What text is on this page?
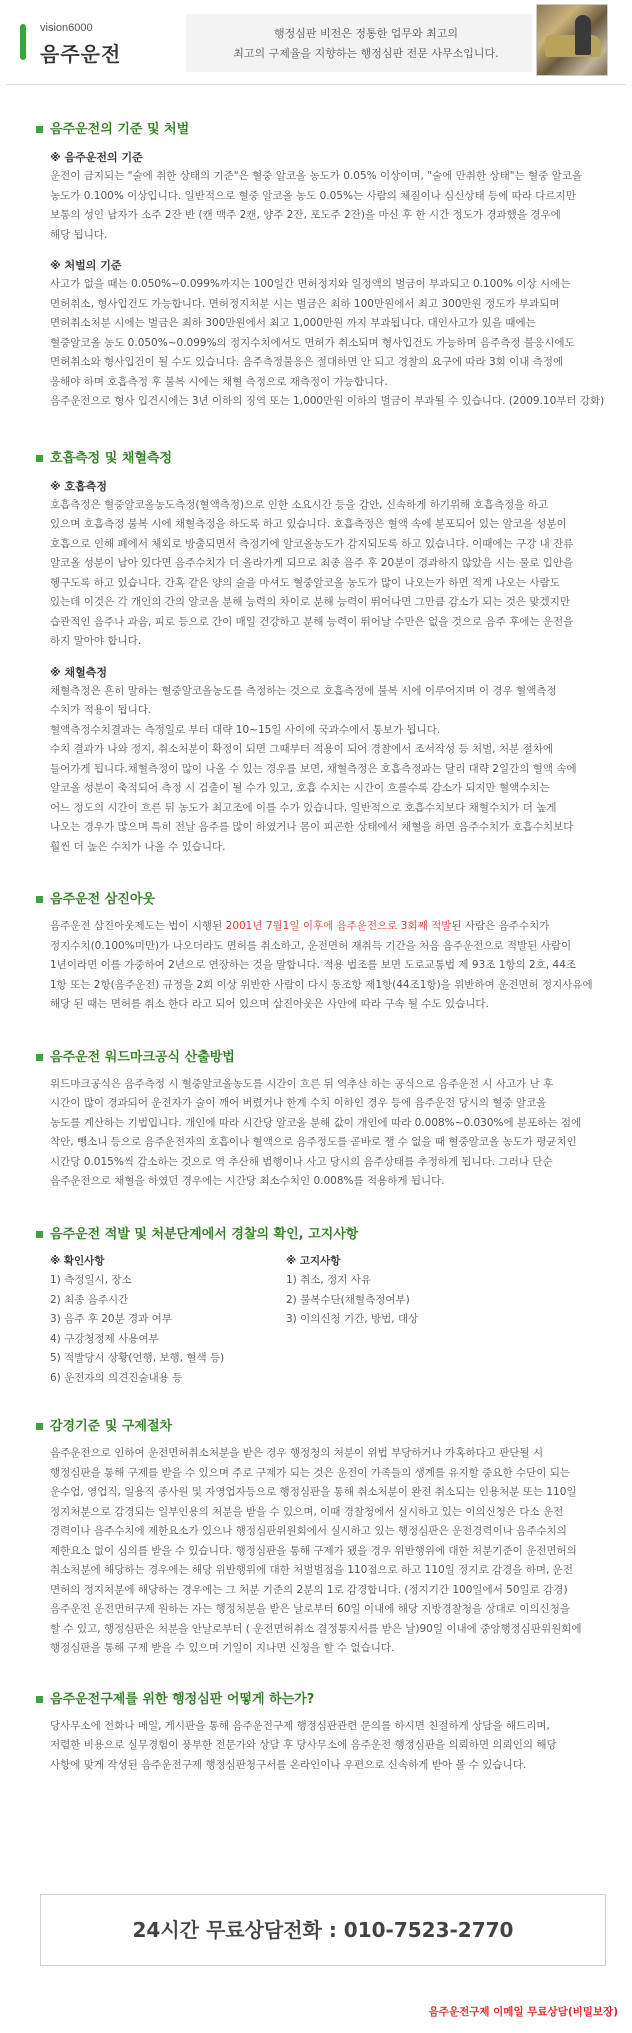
vision6000
음주운전
행정심판 비전은 정통한 업무와 최고의
최고의 구제율을 지향하는 행정심판 전문 사무소입니다.
음주운전의 기준 및 처벌
※ 음주운전의 기준
운전이 금지되는 "술에 취한 상태의 기준"은 혈중 알코올 농도가 0.05% 이상이며, "술에 만취한 상태"는 혈중 알코올
농도가 0.100% 이상입니다. 일반적으로 혈중 알코올 농도 0.05%는 사람의 체질이나 심신상태 등에 따라 다르지만
보통의 성인 남자가 소주 2잔 반 (캔 맥주 2캔, 양주 2잔, 포도주 2잔)을 마신 후 한 시간 정도가 경과했을 경우에
해당 됩니다.
※ 처벌의 기준
사고가 없을 때는 0.050%~0.099%까지는 100일간 면허정지와 일정액의 벌금이 부과되고 0.100% 이상 시에는
면허취소, 형사입건도 가능합니다. 면허정지처분 시는 벌금은 최하 100만원에서 최고 300만원 정도가 부과되며
면허취소처분 시에는 벌금은 최하 300만원에서 최고 1,000만원 까지 부과됩니다. 대인사고가 있을 때에는
혈중알코올 농도 0.050%~0.099%의 정지수치에서도 면허가 취소되며 형사입건도 가능하며 음주측정 불응시에도
면허취소와 형사입건이 될 수도 있습니다. 음주측정불응은 절대하면 안 되고 경찰의 요구에 따라 3회 이내 측정에
응해야 하며 호흡측정 후 불복 시에는 채혈 측정으로 재측정이 가능합니다.
음주운전으로 형사 입건시에는 3년 이하의 징역 또는 1,000만원 이하의 벌금이 부과될 수 있습니다. (2009.10부터 강화)
호흡측정 및 채혈측정
※ 호흡측정
호흡측정은 혈중알코올농도측정(혈액측정)으로 인한 소요시간 등을 감안, 신속하게 하기위해 호흡측정을 하고
있으며 호흡측정 불복 시에 채혈측정을 하도록 하고 있습니다. 호흡측정은 혈액 속에 분포되어 있는 알코올 성분이
호흡으로 인해 폐에서 체외로 방출되면서 측정기에 알코올농도가 감지되도록 하고 있습니다. 이때에는 구강 내 잔류
알코올 성분이 남아 있다면 음주수치가 더 올라가게 되므로 최종 음주 후 20분이 경과하지 않았을 시는 물로 입안을
헹구도록 하고 있습니다. 간혹 같은 양의 술을 마셔도 혈중알코올 농도가 많이 나오는가 하면 적게 나오는 사람도
있는데 이것은 각 개인의 간의 알코올 분해 능력의 차이로 분해 능력이 뛰어나면 그만큼 감소가 되는 것은 맞겠지만
습관적인 음주나 과음, 피로 등으로 간이 매일 건강하고 분해 능력이 뛰어날 수만은 없을 것으로 음주 후에는 운전을
하지 말아야 합니다.
※ 채혈측정
채혈측정은 흔히 말하는 혈중알코올농도를 측정하는 것으로 호흡측정에 불복 시에 이루어지며 이 경우 혈액측정
수치가 적용이 됩니다.
혈액측정수치결과는 측정일로 부터 대략 10~15일 사이에 국과수에서 통보가 됩니다.
수치 결과가 나와 정지, 취소처분이 확정이 되면 그때부터 적용이 되어 경찰에서 조서작성 등 처벌, 처분 절차에
들어가게 됩니다.채혈측정이 많이 나올 수 있는 경우를 보면, 채혈측정은 호흡측정과는 달리 대략 2일간의 혈액 속에
알코올 성분이 축적되어 측정 시 검출이 될 수가 있고, 호흡 수치는 시간이 흐를수록 감소가 되지만 혈액수치는
어느 정도의 시간이 흐른 뒤 농도가 최고조에 이를 수가 있습니다. 일반적으로 호흡수치보다 채혈수치가 더 높게
나오는 경우가 많으며 특히 전날 음주를 많이 하였거나 몸이 피곤한 상태에서 채혈을 하면 음주수치가 호흡수치보다
훨씬 더 높은 수치가 나올 수 있습니다.
음주운전 삼진아웃
음주운전 삼진아웃제도는 법이 시행된 2001년 7월1일 이후에 음주운전으로 3회째 적발된 사람은 음주수치가
정지수치(0.100%미만)가 나오더라도 면허를 취소하고, 운전면허 재취득 기간을 처음 음주운전으로 적발된 사람이
1년이라면 이를 가중하여 2년으로 연장하는 것을 말합니다. 적용 법조를 보면 도로교통법 제 93조 1항의 2호, 44조
1항 또는 2항(음주운전) 규정을 2회 이상 위반한 사람이 다시 동조항 제1항(44조1항)을 위반하여 운전면허 정지사유에
해당 된 때는 면허를 취소 한다 라고 되어 있으며 삼진아웃은 사안에 따라 구속 될 수도 있습니다.
음주운전 워드마크공식 산출방법
위드마크공식은 음주측정 시 혈중알코올농도를 시간이 흐른 뒤 역추산 하는 공식으로 음주운전 시 사고가 난 후
시간이 많이 경과되어 운전자가 술이 깨어 버렸거나 한계 수치 이하인 경우 등에 음주운전 당시의 혈중 알코올
농도를 계산하는 기법입니다. 개인에 따라 시간당 알코올 분해 값이 개인에 따라 0.008%~0.030%에 분포하는 점에
착안, 뺑소니 등으로 음주운전자의 호흡이나 혈액으로 음주정도를 곧바로 잴 수 없을 때 혈중알코올 농도가 평균치인
시간당 0.015%씩 감소하는 것으로 역 추산해 범행이나 사고 당시의 음주상태를 추정하게 됩니다. 그러나 단순
음주운전으로 채혈을 하였던 경우에는 시간당 최소수치인 0.008%를 적용하게 됩니다.
음주운전 적발 및 처분단계에서 경찰의 확인, 고지사항
※ 확인사항
1) 측정일시, 장소
2) 최종 음주시간
3) 음주 후 20분 경과 여부
4) 구강청정제 사용여부
5) 적발당시 상황(언행, 보행, 혈색 등)
6) 운전자의 의견진술내용 등
※ 고지사항
1) 취소, 정지 사유
2) 불복수단(채혈측정여부)
3) 이의신청 기간, 방법, 대상
감경기준 및 구제절차
음주운전으로 인하여 운전면허취소처분을 받은 경우 행정청의 처분이 위법 부당하거나 가혹하다고 판단될 시
행정심판을 통해 구제를 받을 수 있으며 주로 구제가 되는 것은 운전이 가족들의 생계를 유지할 중요한 수단이 되는
운수업, 영업직, 일용직 종사원 및 자영업자등으로 행정심판을 통해 취소처분이 완전 취소되는 인용처분 또는 110일
정지처분으로 감경되는 일부인용의 처분을 받을 수 있으며, 이때 경찰청에서 실시하고 있는 이의신청은 다소 운전
경력이나 음주수치에 제한요소가 있으나 행정심판위원회에서 실시하고 있는 행정심판은 운전경력이나 음주수치의
제한요소 없이 심의를 받을 수 있습니다. 행정심판을 통해 구제가 됐을 경우 위반행위에 대한 처분기준이 운전면허의
취소처분에 해당하는 경우에는 해당 위반행위에 대한 처벌벌점을 110점으로 하고 110일 정지로 감경을 하며, 운전
면허의 정지처분에 해당하는 경우에는 그 처분 기준의 2분의 1로 감경합니다. (정지기간 100일에서 50일로 감경)
음주운전 운전면허구제 원하는 자는 행정처분을 받은 날로부터 60일 이내에 해당 지방경찰청을 상대로 이의신청을
할 수 있고, 행정심판은 처분을 안날로부터 ( 운전면허취소 결정통지서를 받은 날)90일 이내에 중앙행정심판위원회에
행정심판을 통해 구제 받을 수 있으며 기일이 지나면 신청을 할 수 없습니다.
음주운전구제를 위한 행정심판 어떻게 하는가?
당사무소에 전화나 메일, 게시판을 통해 음주운전구제 행정심판관련 문의를 하시면 친절하게 상담을 해드리며,
저렴한 비용으로 실무경험이 풍부한 전문가와 상담 후 당사무소에 음주운전 행정심판을 의뢰하면 의뢰인의 해당
사항에 맞게 작성된 음주운전구제 행정심판청구서를 온라인이나 우편으로 신속하게 받아 볼 수 있습니다.
24시간 무료상담전화 : 010-7523-2770
음주운전구제 이메일 무료상담(비밀보장)
